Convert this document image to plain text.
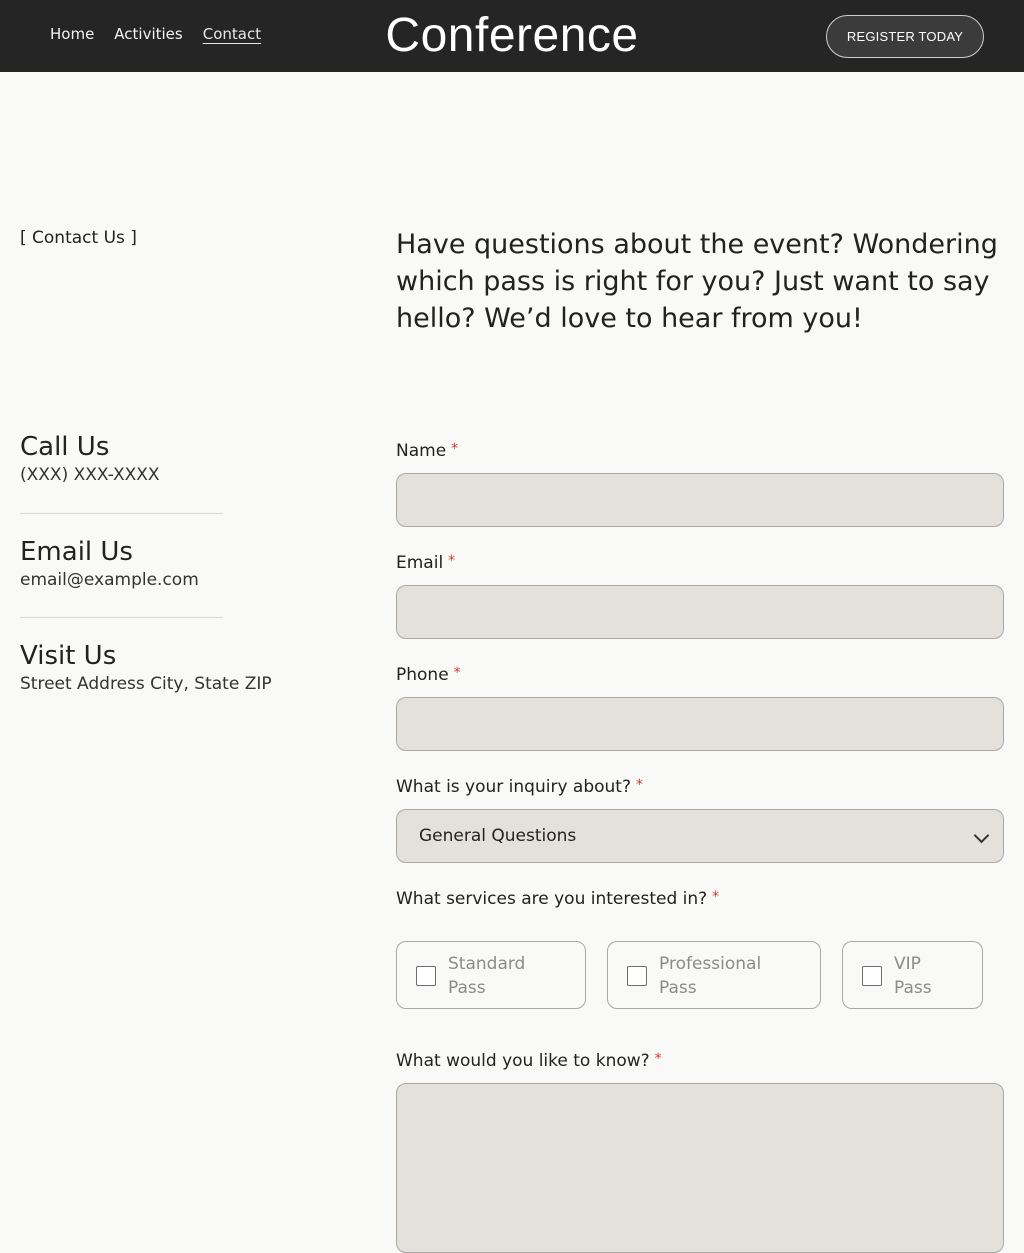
Home Activities Contact	Conference	REGISTER TODAY
[ Contact Us ]	Have questions about the event? Wondering which pass is right for you? Just want to say hello? We’d love to hear from you!
Call Us
(XXX) XXX-XXXX
Email Us
email@example.com
Visit Us
Street Address City, State ZIP
Name *
Email *
Phone *
What is your inquiry about? *
General Questions
What services are you interested in? *
Standard
Pass
Professional
Pass
VIP
Pass
What would you like to know? *
